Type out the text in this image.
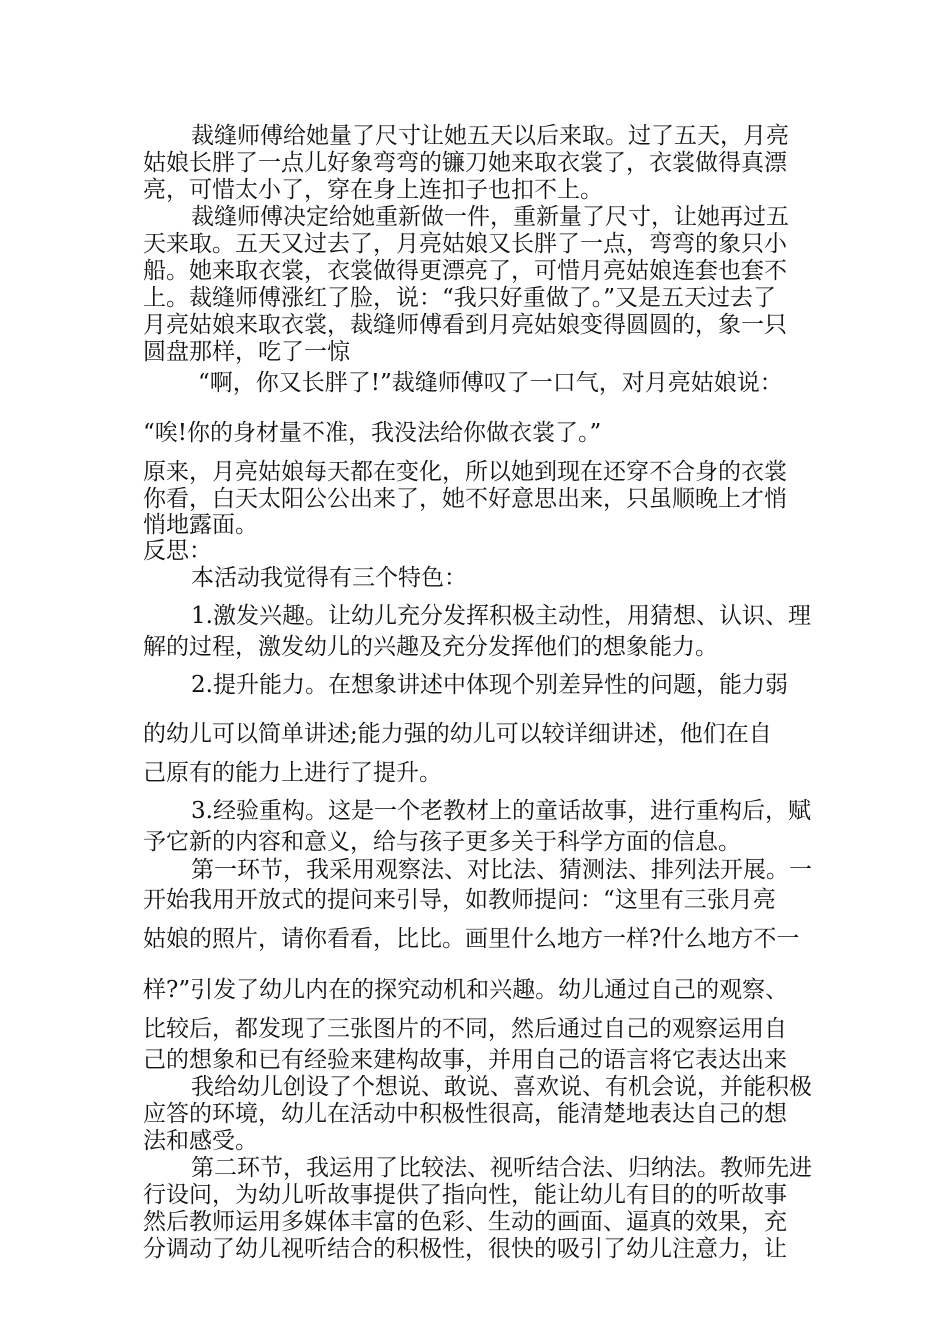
裁缝师傅给她量了尺寸让她五天以后来取。过了五天，月亮
姑娘长胖了一点儿好象弯弯的镰刀她来取衣裳了，衣裳做得真漂
亮，可惜太小了，穿在身上连扣子也扣不上。
裁缝师傅决定给她重新做一件，重新量了尺寸，让她再过五
天来取。五天又过去了，月亮姑娘又长胖了一点，弯弯的象只小
船。她来取衣裳，衣裳做得更漂亮了，可惜月亮姑娘连套也套不
上。裁缝师傅涨红了脸，说：“我只好重做了。”又是五天过去了
月亮姑娘来取衣裳，裁缝师傅看到月亮姑娘变得圆圆的，象一只
圆盘那样，吃了一惊
“啊，你又长胖了!”裁缝师傅叹了一口气，对月亮姑娘说：
“唉!你的身材量不准，我没法给你做衣裳了。”
原来，月亮姑娘每天都在变化，所以她到现在还穿不合身的衣裳
你看，白天太阳公公出来了，她不好意思出来，只虽顺晚上才悄
悄地露面。
反思：
本活动我觉得有三个特色：
1.激发兴趣。让幼儿充分发挥积极主动性，用猜想、认识、理
解的过程，激发幼儿的兴趣及充分发挥他们的想象能力。
2.提升能力。在想象讲述中体现个别差异性的问题，能力弱
的幼儿可以简单讲述;能力强的幼儿可以较详细讲述，他们在自
己原有的能力上进行了提升。
3.经验重构。这是一个老教材上的童话故事，进行重构后，赋
予它新的内容和意义，给与孩子更多关于科学方面的信息。
第一环节，我采用观察法、对比法、猜测法、排列法开展。一
开始我用开放式的提问来引导，如教师提问：“这里有三张月亮
姑娘的照片，请你看看，比比。画里什么地方一样?什么地方不一
样?”引发了幼儿内在的探究动机和兴趣。幼儿通过自己的观察、
比较后，都发现了三张图片的不同，然后通过自己的观察运用自
己的想象和已有经验来建构故事，并用自己的语言将它表达出来
我给幼儿创设了个想说、敢说、喜欢说、有机会说，并能积极
应答的环境，幼儿在活动中积极性很高，能清楚地表达自己的想
法和感受。
第二环节，我运用了比较法、视听结合法、归纳法。教师先进
行设问，为幼儿听故事提供了指向性，能让幼儿有目的的听故事
然后教师运用多媒体丰富的色彩、生动的画面、逼真的效果，充
分调动了幼儿视听结合的积极性，很快的吸引了幼儿注意力，让
